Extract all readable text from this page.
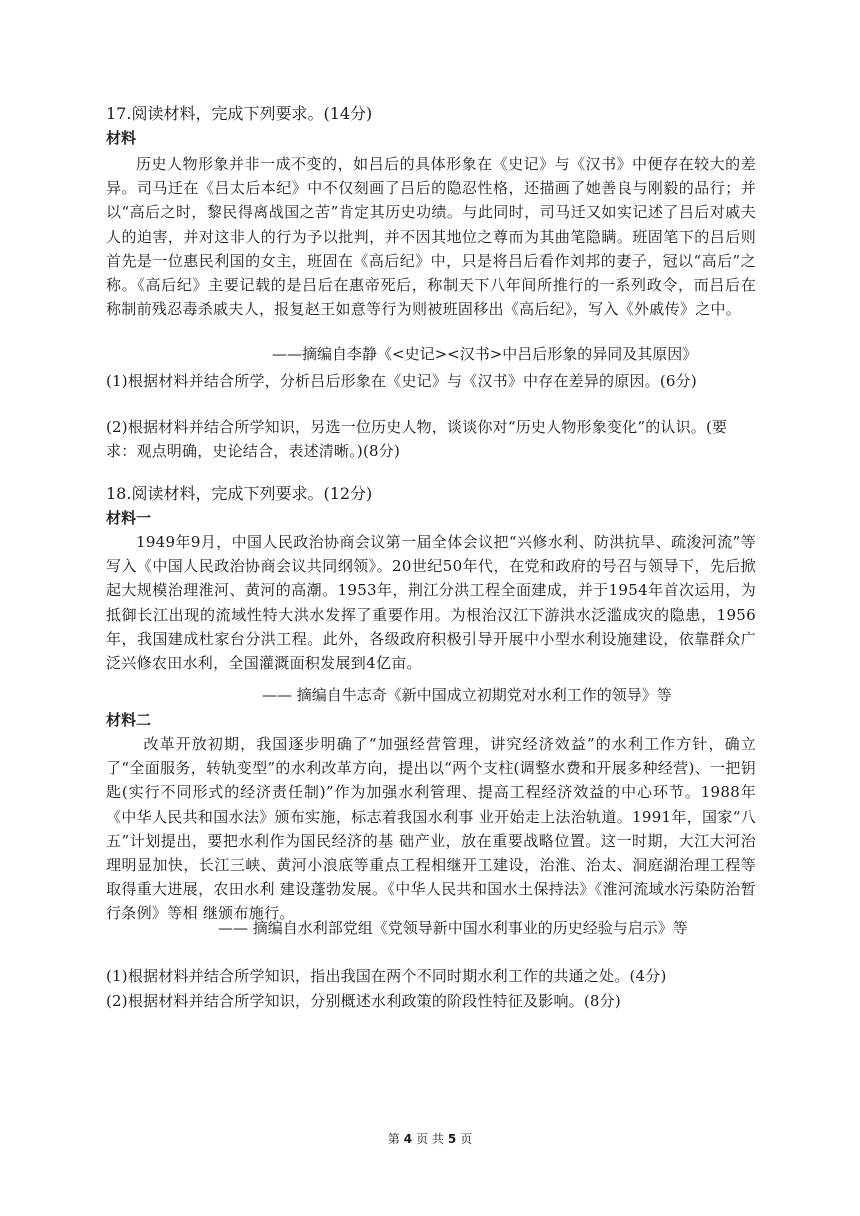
17.阅读材料，完成下列要求。(14分)
材料
历史人物形象并非一成不变的，如吕后的具体形象在《史记》与《汉书》中便存在较大的差异。司马迁在《吕太后本纪》中不仅刻画了吕后的隐忍性格，还描画了她善良与刚毅的品行；并以“高后之时，黎民得离战国之苦”肯定其历史功绩。与此同时，司马迁又如实记述了吕后对戚夫人的迫害，并对这非人的行为予以批判，并不因其地位之尊而为其曲笔隐瞒。班固笔下的吕后则首先是一位惠民利国的女主，班固在《高后纪》中，只是将吕后看作刘邦的妻子，冠以“高后”之称。《高后纪》主要记载的是吕后在惠帝死后，称制天下八年间所推行的一系列政令，而吕后在称制前残忍毒杀戚夫人，报复赵王如意等行为则被班固移出《高后纪》，写入《外戚传》之中。
——摘编自李静《<史记><汉书>中吕后形象的异同及其原因》
(1)根据材料并结合所学，分析吕后形象在《史记》与《汉书》中存在差异的原因。(6分)
(2)根据材料并结合所学知识，另选一位历史人物，谈谈你对“历史人物形象变化”的认识。(要求：观点明确，史论结合，表述清晰。)(8分)
18.阅读材料，完成下列要求。(12分)
材料一
1949年9月，中国人民政治协商会议第一届全体会议把“兴修水利、防洪抗旱、疏浚河流”等写入《中国人民政治协商会议共同纲领》。20世纪50年代，在党和政府的号召与领导下，先后掀起大规模治理淮河、黄河的高潮。1953年，荆江分洪工程全面建成，并于1954年首次运用，为抵御长江出现的流域性特大洪水发挥了重要作用。为根治汉江下游洪水泛滥成灾的隐患，1956年，我国建成杜家台分洪工程。此外，各级政府积极引导开展中小型水利设施建设，依靠群众广泛兴修农田水利，全国灌溉面积发展到4亿亩。
—— 摘编自牛志奇《新中国成立初期党对水利工作的领导》等
材料二
改革开放初期，我国逐步明确了“加强经营管理，讲究经济效益”的水利工作方针，确立了“全面服务，转轨变型”的水利改革方向，提出以“两个支柱(调整水费和开展多种经营)、一把钥匙(实行不同形式的经济责任制)”作为加强水利管理、提高工程经济效益的中心环节。1988年《中华人民共和国水法》颁布实施，标志着我国水利事 业开始走上法治轨道。1991年，国家“八五”计划提出，要把水利作为国民经济的基 础产业，放在重要战略位置。这一时期，大江大河治理明显加快，长江三峡、黄河小浪底等重点工程相继开工建设，治淮、治太、洞庭湖治理工程等取得重大进展，农田水利 建设蓬勃发展。《中华人民共和国水土保持法》《淮河流域水污染防治暂行条例》等相 继颁布施行。
—— 摘编自水利部党组《党领导新中国水利事业的历史经验与启示》等
(1)根据材料并结合所学知识，指出我国在两个不同时期水利工作的共通之处。(4分)
(2)根据材料并结合所学知识，分别概述水利政策的阶段性特征及影响。(8分)
第 4 页 共 5 页
